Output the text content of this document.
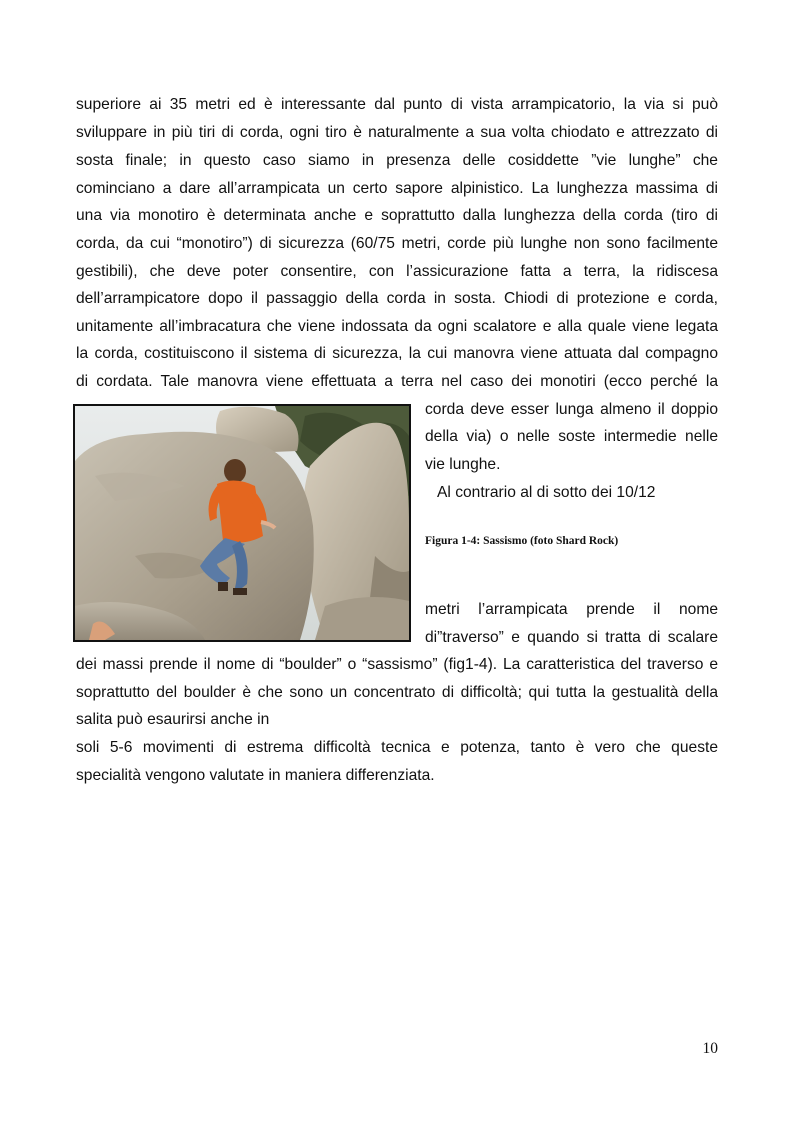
superiore ai 35 metri ed è interessante dal punto di vista arrampicatorio, la via si può
sviluppare in più tiri di corda, ogni tiro è naturalmente a sua volta chiodato e attrezzato di
sosta finale; in questo caso siamo in presenza delle cosiddette ”vie lunghe” che
cominciano a dare all’arrampicata un certo sapore alpinistico. La lunghezza massima di
una via monotiro è determinata anche e soprattutto dalla lunghezza della corda (tiro di
corda, da cui “monotiro”) di sicurezza (60/75 metri, corde più lunghe non sono facilmente
gestibili), che deve poter consentire, con l’assicurazione fatta a terra, la ridiscesa
dell’arrampicatore dopo il passaggio della corda in sosta. Chiodi di protezione e corda,
unitamente all’imbracatura che viene indossata da ogni scalatore e alla quale viene legata
la corda, costituiscono il sistema di sicurezza, la cui manovra viene attuata dal compagno
di cordata. Tale manovra viene effettuata a terra nel caso dei monotiri (ecco perché la
corda deve esser lunga almeno il doppio
della via) o nelle soste intermedie nelle
vie lunghe.
Al contrario al di sotto dei 10/12
Figura 1-4: Sassismo (foto Shard Rock)
metri l’arrampicata prende il nome
di”traverso” e quando si tratta di scalare
dei massi prende il nome di “boulder” o “sassismo” (fig1-4). La caratteristica del traverso e
soprattutto del boulder è che sono un concentrato di difficoltà; qui tutta la gestualità della
salita può esaurirsi anche in
soli 5-6 movimenti di estrema difficoltà tecnica e potenza, tanto è vero che queste
specialità vengono valutate in maniera differenziata.
10
